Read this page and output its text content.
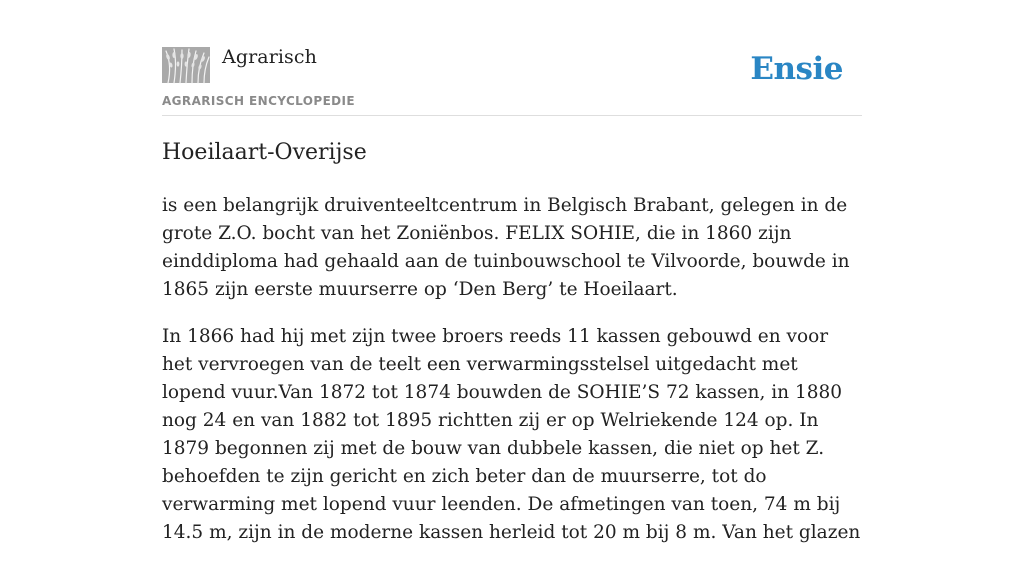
Agrarisch
AGRARISCH ENCYCLOPEDIE
Ensie
Hoeilaart-Overijse

is een belangrijk druiventeeltcentrum in Belgisch Brabant, gelegen in de grote Z.O. bocht van het Zoniënbos. FELIX SOHIE, die in 1860 zijn einddiploma had gehaald aan de tuinbouwschool te Vilvoorde, bouwde in 1865 zijn eerste muurserre op ‘Den Berg’ te Hoeilaart.

In 1866 had hij met zijn twee broers reeds 11 kassen gebouwd en voor het vervroegen van de teelt een verwarmingsstelsel uitgedacht met lopend vuur.Van 1872 tot 1874 bouwden de SOHIE’S 72 kassen, in 1880 nog 24 en van 1882 tot 1895 richtten zij er op Welriekende 124 op. In 1879 begonnen zij met de bouw van dubbele kassen, die niet op het Z. behoefden te zijn gericht en zich beter dan de muurserre, tot do verwarming met lopend vuur leenden. De afmetingen van toen, 74 m bij 14.5 m, zijn in de moderne kassen herleid tot 20 m bij 8 m. Van het glazen
